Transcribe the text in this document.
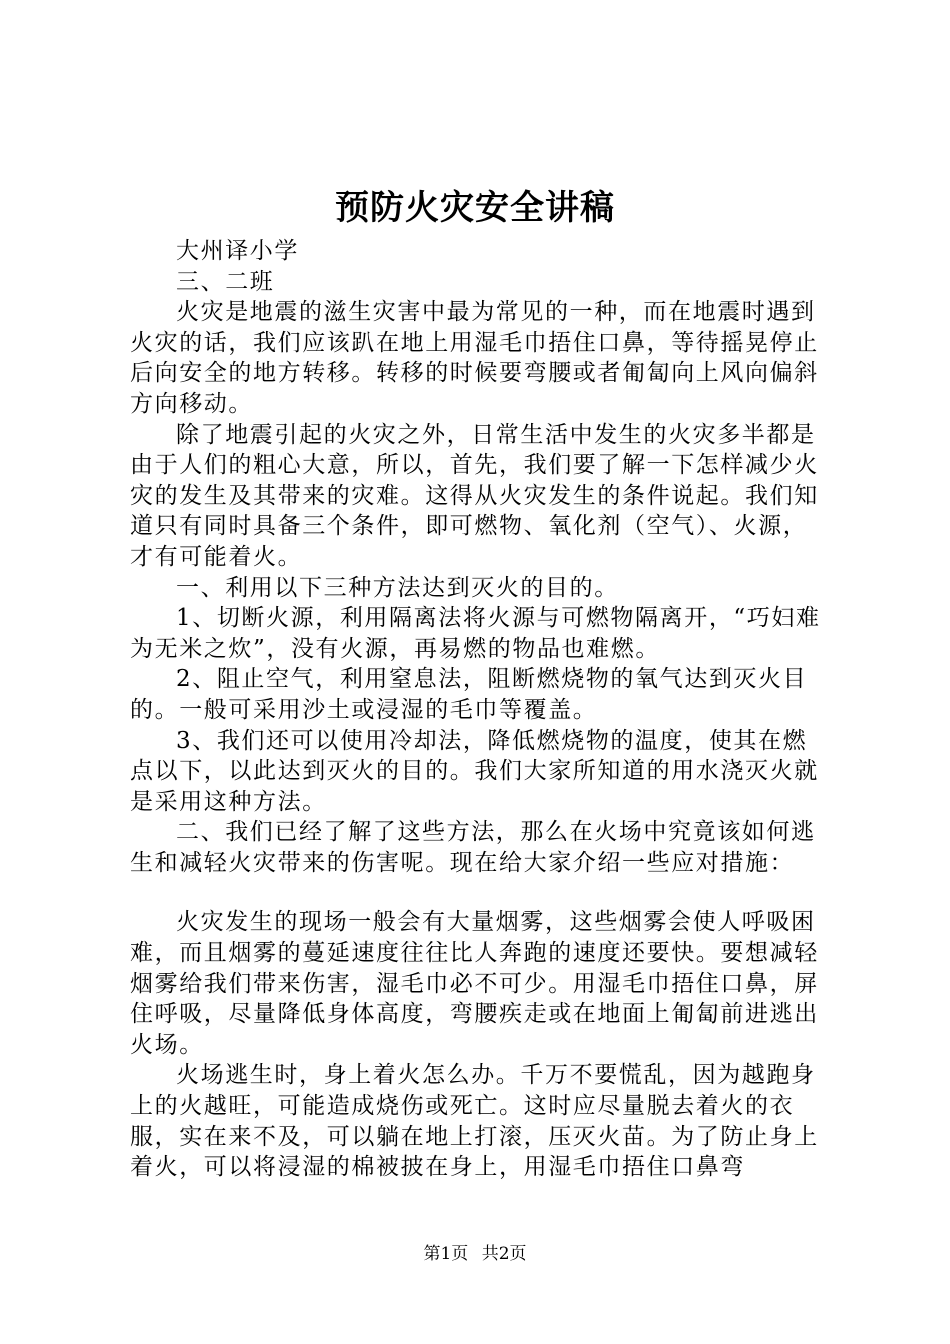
预防火灾安全讲稿

大州译小学

三、二班

火灾是地震的滋生灾害中最为常见的一种，而在地震时遇到火灾的话，我们应该趴在地上用湿毛巾捂住口鼻，等待摇晃停止后向安全的地方转移。转移的时候要弯腰或者匍匐向上风向偏斜方向移动。

除了地震引起的火灾之外，日常生活中发生的火灾多半都是由于人们的粗心大意，所以，首先，我们要了解一下怎样减少火灾的发生及其带来的灾难。这得从火灾发生的条件说起。我们知道只有同时具备三个条件，即可燃物、氧化剂（空气）、火源，才有可能着火。

一、利用以下三种方法达到灭火的目的。

1、切断火源，利用隔离法将火源与可燃物隔离开，“巧妇难为无米之炊”，没有火源，再易燃的物品也难燃。

2、阻止空气，利用窒息法，阻断燃烧物的氧气达到灭火目的。一般可采用沙土或浸湿的毛巾等覆盖。

3、我们还可以使用冷却法，降低燃烧物的温度，使其在燃点以下，以此达到灭火的目的。我们大家所知道的用水浇灭火就是采用这种方法。

二、我们已经了解了这些方法，那么在火场中究竟该如何逃生和减轻火灾带来的伤害呢。现在给大家介绍一些应对措施：

火灾发生的现场一般会有大量烟雾，这些烟雾会使人呼吸困难，而且烟雾的蔓延速度往往比人奔跑的速度还要快。要想减轻烟雾给我们带来伤害，湿毛巾必不可少。用湿毛巾捂住口鼻，屏住呼吸，尽量降低身体高度，弯腰疾走或在地面上匍匐前进逃出火场。

火场逃生时，身上着火怎么办。千万不要慌乱，因为越跑身上的火越旺，可能造成烧伤或死亡。这时应尽量脱去着火的衣服，实在来不及，可以躺在地上打滚，压灭火苗。为了防止身上着火，可以将浸湿的棉被披在身上，用湿毛巾捂住口鼻弯

第1页 共2页
